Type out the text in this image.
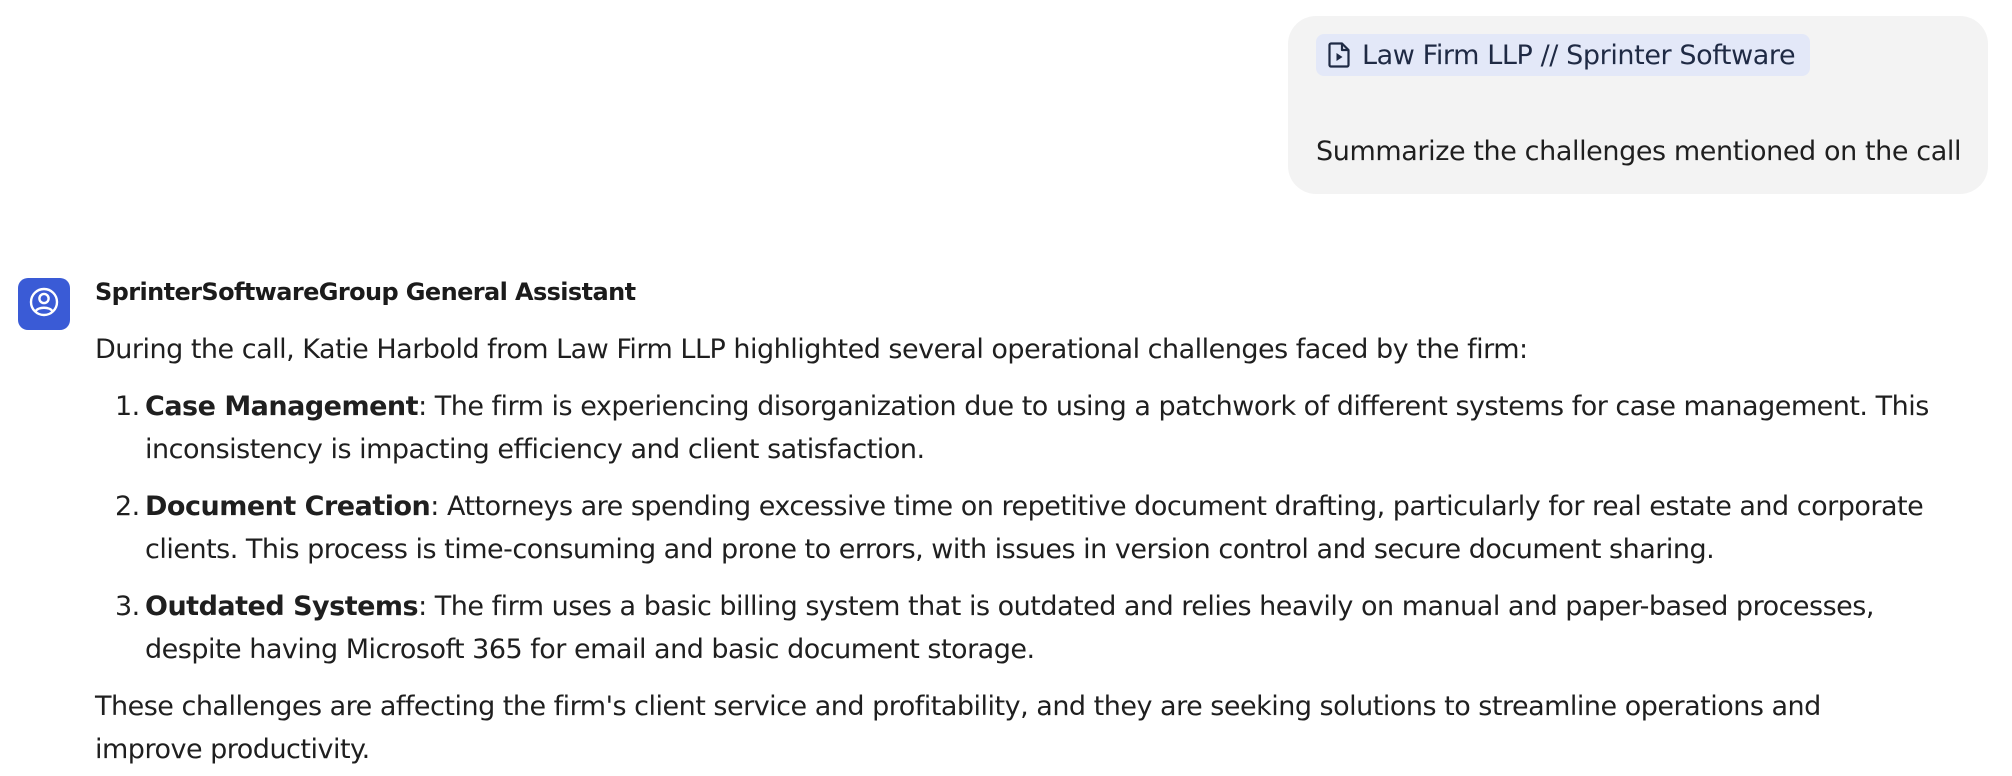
Law Firm LLP // Sprinter Software
Summarize the challenges mentioned on the call
SprinterSoftwareGroup General Assistant

During the call, Katie Harbold from Law Firm LLP highlighted several operational challenges faced by the firm:

1. Case Management: The firm is experiencing disorganization due to using a patchwork of different systems for case management. This
inconsistency is impacting efficiency and client satisfaction.
2. Document Creation: Attorneys are spending excessive time on repetitive document drafting, particularly for real estate and corporate
clients. This process is time-consuming and prone to errors, with issues in version control and secure document sharing.
3. Outdated Systems: The firm uses a basic billing system that is outdated and relies heavily on manual and paper-based processes,
despite having Microsoft 365 for email and basic document storage.

These challenges are affecting the firm's client service and profitability, and they are seeking solutions to streamline operations and

improve productivity.
